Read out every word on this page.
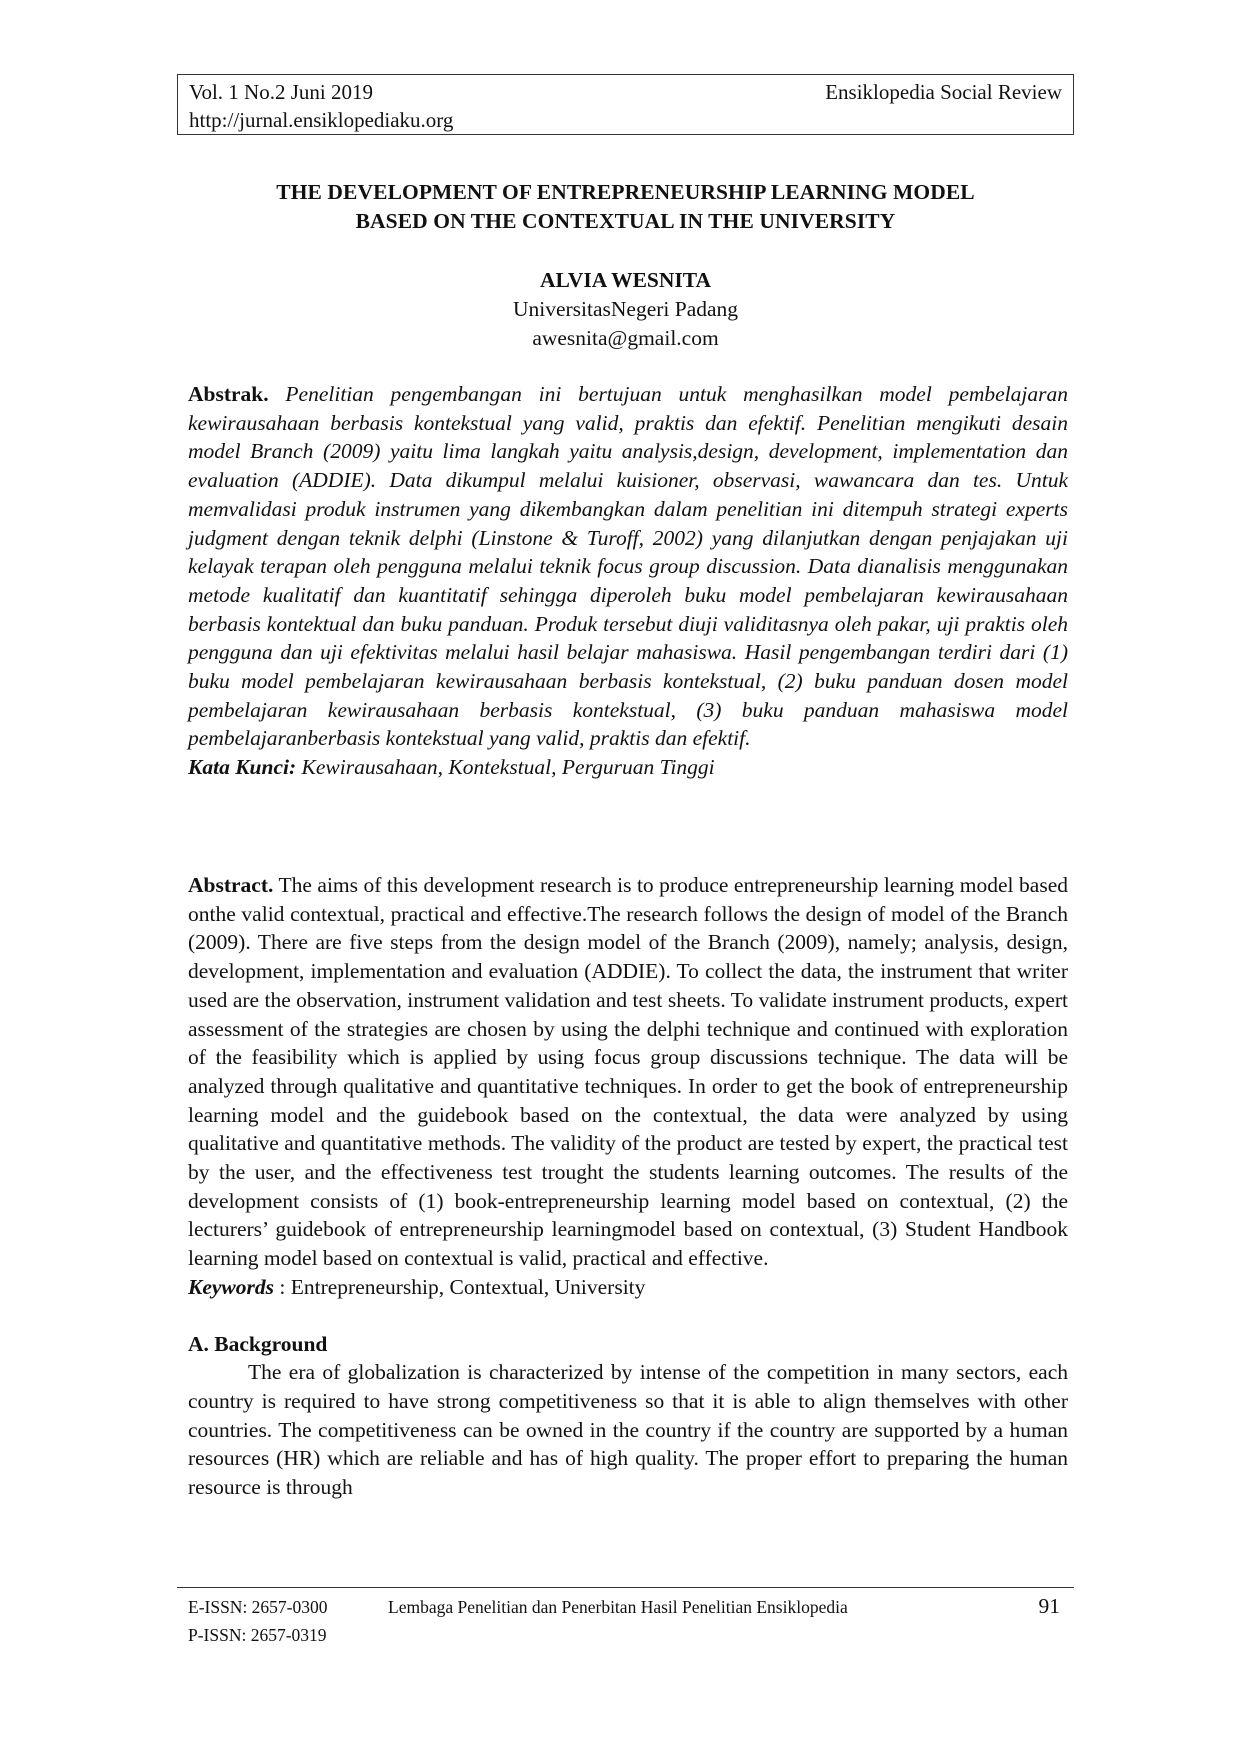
Vol. 1 No.2 Juni 2019	Ensiklopedia Social Review
http://jurnal.ensiklopediaku.org
THE DEVELOPMENT OF ENTREPRENEURSHIP LEARNING MODEL
BASED ON THE CONTEXTUAL IN THE UNIVERSITY
ALVIA WESNITA
UniversitasNegeri Padang
awesnita@gmail.com

Abstrak. Penelitian pengembangan ini bertujuan untuk menghasilkan model pembelajaran kewirausahaan berbasis kontekstual yang valid, praktis dan efektif. Penelitian mengikuti desain model Branch (2009) yaitu lima langkah yaitu analysis,design, development, implementation dan evaluation (ADDIE). Data dikumpul melalui kuisioner, observasi, wawancara dan tes. Untuk memvalidasi produk instrumen yang dikembangkan dalam penelitian ini ditempuh strategi experts judgment dengan teknik delphi (Linstone & Turoff, 2002) yang dilanjutkan dengan penjajakan uji kelayak terapan oleh pengguna melalui teknik focus group discussion. Data dianalisis menggunakan metode kualitatif dan kuantitatif sehingga diperoleh buku model pembelajaran kewirausahaan berbasis kontektual dan buku panduan. Produk tersebut diuji validitasnya oleh pakar, uji praktis oleh pengguna dan uji efektivitas melalui hasil belajar mahasiswa. Hasil pengembangan terdiri dari (1) buku model pembelajaran kewirausahaan berbasis kontekstual, (2) buku panduan dosen model pembelajaran kewirausahaan berbasis kontekstual, (3) buku panduan mahasiswa model pembelajaranberbasis kontekstual yang valid, praktis dan efektif.

Kata Kunci: Kewirausahaan, Kontekstual, Perguruan Tinggi

Abstract. The aims of this development research is to produce entrepreneurship learning model based onthe valid contextual, practical and effective.The research follows the design of model of the Branch (2009). There are five steps from the design model of the Branch (2009), namely; analysis, design, development, implementation and evaluation (ADDIE). To collect the data, the instrument that writer used are the observation, instrument validation and test sheets. To validate instrument products, expert assessment of the strategies are chosen by using the delphi technique and continued with exploration of the feasibility which is applied by using focus group discussions technique. The data will be analyzed through qualitative and quantitative techniques. In order to get the book of entrepreneurship learning model and the guidebook based on the contextual, the data were analyzed by using qualitative and quantitative methods. The validity of the product are tested by expert, the practical test by the user, and the effectiveness test trought the students learning outcomes. The results of the development consists of (1) book-entrepreneurship learning model based on contextual, (2) the lecturers’ guidebook of entrepreneurship learningmodel based on contextual, (3) Student Handbook learning model based on contextual is valid, practical and effective.

Keywords : Entrepreneurship, Contextual, University

A. Background

The era of globalization is characterized by intense of the competition in many sectors, each country is required to have strong competitiveness so that it is able to align themselves with other countries. The competitiveness can be owned in the country if the country are supported by a human resources (HR) which are reliable and has of high quality. The proper effort to preparing the human resource is through

E-ISSN: 2657-0300	Lembaga Penelitian dan Penerbitan Hasil Penelitian Ensiklopedia	91
P-ISSN: 2657-0319
